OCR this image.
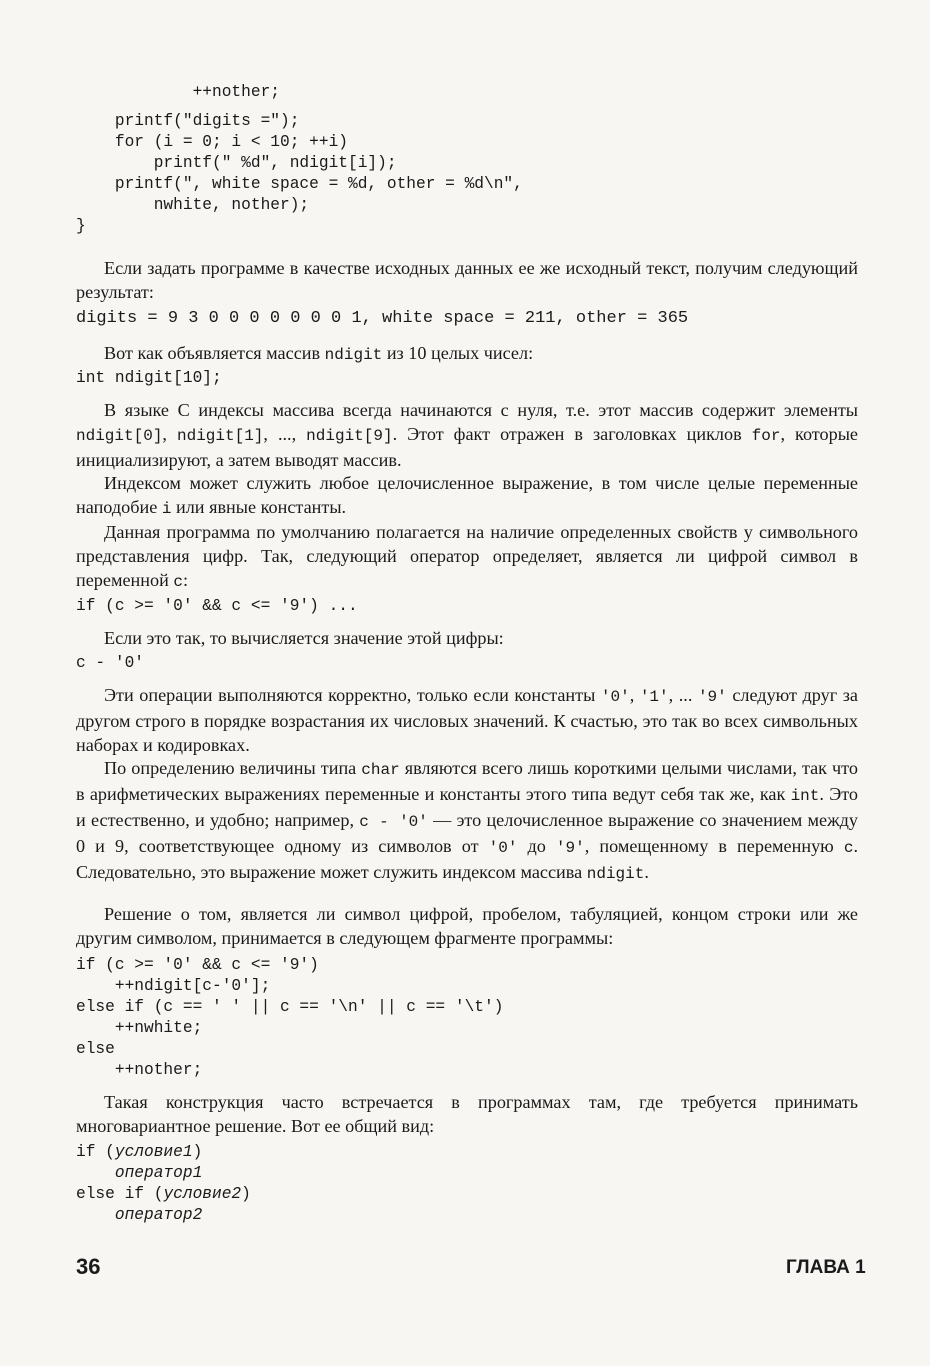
++nother;
printf("digits =");
for (i = 0; i < 10; ++i)
printf(" %d", ndigit[i]);
printf(", white space = %d, other = %d\n",
nwhite, nother);
}
Если задать программе в качестве исходных данных ее же исходный текст, получим следующий результат:
digits = 9 3 0 0 0 0 0 0 0 1, white space = 211, other = 365
Вот как объявляется массив ndigit из 10 целых чисел:
int ndigit[10];
В языке С индексы массива всегда начинаются с нуля, т.е. этот массив содержит элементы ndigit[0], ndigit[1], ..., ndigit[9]. Этот факт отражен в заголовках циклов for, которые инициализируют, а затем выводят массив.
Индексом может служить любое целочисленное выражение, в том числе целые переменные наподобие i или явные константы.
Данная программа по умолчанию полагается на наличие определенных свойств у символьного представления цифр. Так, следующий оператор определяет, является ли цифрой символ в переменной c:
if (c >= '0' && c <= '9') ...
Если это так, то вычисляется значение этой цифры:
c - '0'
Эти операции выполняются корректно, только если константы '0', '1', ... '9' следуют друг за другом строго в порядке возрастания их числовых значений. К счастью, это так во всех символьных наборах и кодировках.
По определению величины типа char являются всего лишь короткими целыми числами, так что в арифметических выражениях переменные и константы этого типа ведут себя так же, как int. Это и естественно, и удобно; например, c - '0' — это целочисленное выражение со значением между 0 и 9, соответствующее одному из символов от '0' до '9', помещенному в переменную c. Следовательно, это выражение может служить индексом массива ndigit.
Решение о том, является ли символ цифрой, пробелом, табуляцией, концом строки или же другим символом, принимается в следующем фрагменте программы:
if (c >= '0' && c <= '9')
++ndigit[c-'0'];
else if (c == ' ' || c == '\n' || c == '\t')
++nwhite;
else
++nother;
Такая конструкция часто встречается в программах там, где требуется принимать многовариантное решение. Вот ее общий вид:
if (условие1)
оператор1
else if (условие2)
оператор2
36	ГЛАВА 1
